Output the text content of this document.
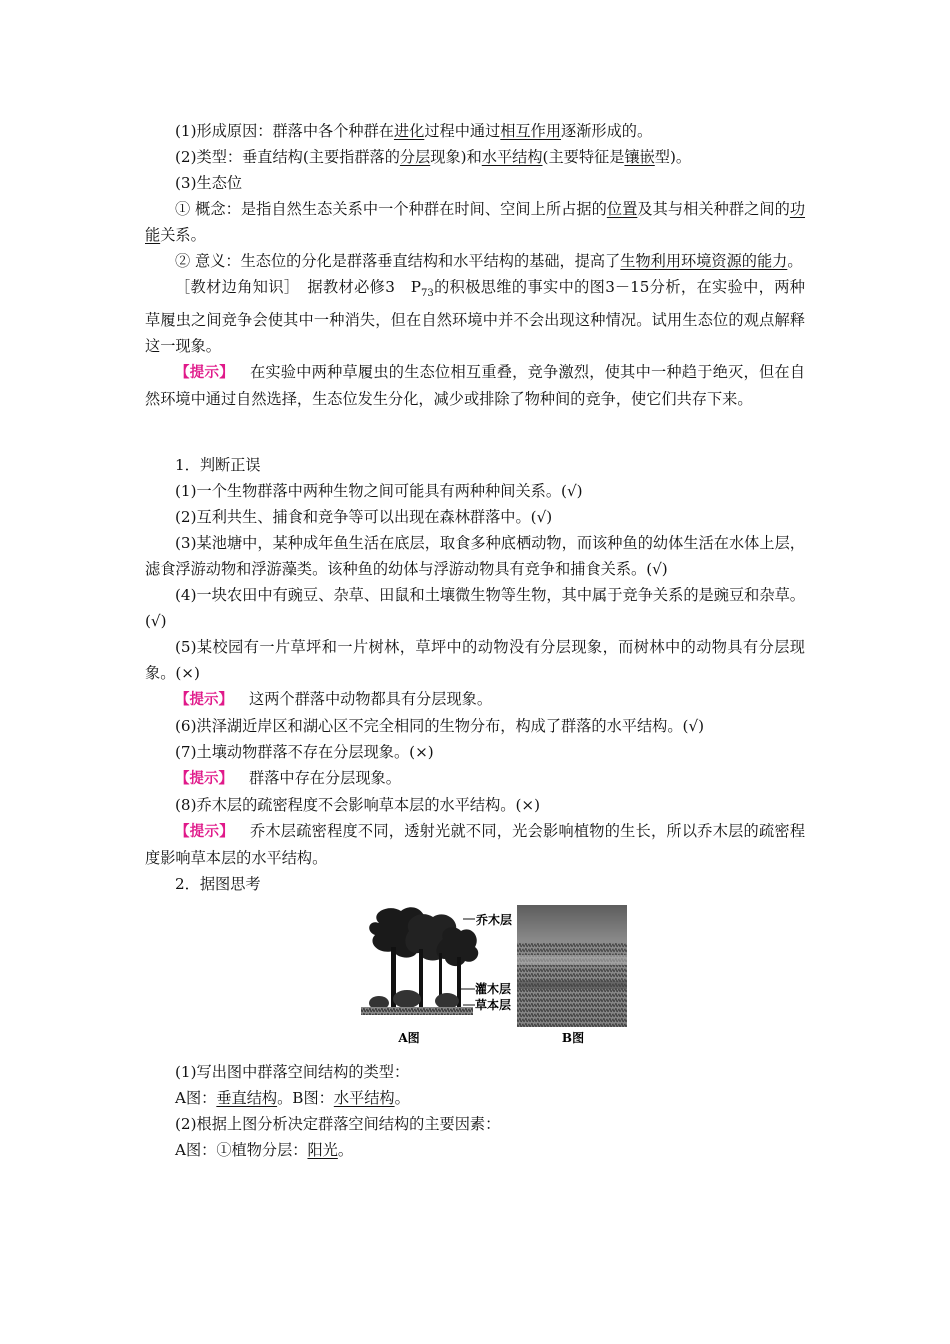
(1)形成原因：群落中各个种群在进化过程中通过相互作用逐渐形成的。

(2)类型：垂直结构(主要指群落的分层现象)和水平结构(主要特征是镶嵌型)。

(3)生态位

① 概念：是指自然生态关系中一个种群在时间、空间上所占据的位置及其与相关种群之间的功能关系。

② 意义：生态位的分化是群落垂直结构和水平结构的基础，提高了生物利用环境资源的能力。

［教材边角知识］　据教材必修3　$P_{73}$的积极思维的事实中的图3－15分析，在实验中，两种草履虫之间竞争会使其中一种消失，但在自然环境中并不会出现这种情况。试用生态位的观点解释这一现象。

【提示】 在实验中两种草履虫的生态位相互重叠，竞争激烈，使其中一种趋于绝灭，但在自然环境中通过自然选择，生态位发生分化，减少或排除了物种间的竞争，使它们共存下来。

1．判断正误

(1)一个生物群落中两种生物之间可能具有两种种间关系。(√)

(2)互利共生、捕食和竞争等可以出现在森林群落中。(√)

(3)某池塘中，某种成年鱼生活在底层，取食多种底栖动物，而该种鱼的幼体生活在水体上层，滤食浮游动物和浮游藻类。该种鱼的幼体与浮游动物具有竞争和捕食关系。(√)

(4)一块农田中有豌豆、杂草、田鼠和土壤微生物等生物，其中属于竞争关系的是豌豆和杂草。(√)

(5)某校园有一片草坪和一片树林，草坪中的动物没有分层现象，而树林中的动物具有分层现象。(×)

【提示】 这两个群落中动物都具有分层现象。

(6)洪泽湖近岸区和湖心区不完全相同的生物分布，构成了群落的水平结构。(√)

(7)土壤动物群落不存在分层现象。(×)

【提示】 群落中存在分层现象。

(8)乔木层的疏密程度不会影响草本层的水平结构。(×)

【提示】 乔木层疏密程度不同，透射光就不同，光会影响植物的生长，所以乔木层的疏密程度影响草本层的水平结构。

2．据图思考

乔木层
灌木层
草本层
A图	B图

(1)写出图中群落空间结构的类型：

A图：垂直结构。B图：水平结构。

(2)根据上图分析决定群落空间结构的主要因素：

A图：①植物分层：阳光。
